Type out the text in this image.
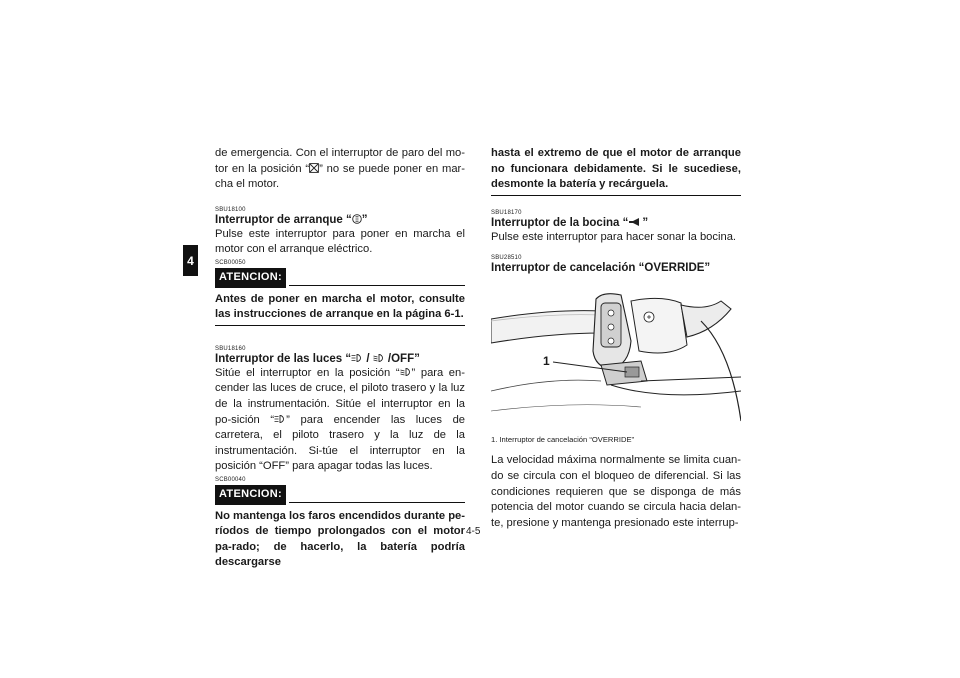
4

de emergencia. Con el interruptor de paro del mo-tor en la posición “ ” no se puede poner en mar-cha el motor.

SBU18100
Interruptor de arranque “ ”

Pulse este interruptor para poner en marcha el motor con el arranque eléctrico.

SCB00050
ATENCION:

Antes de poner en marcha el motor, consulte las instrucciones de arranque en la página 6-1.

SBU18160
Interruptor de las luces “ /  /OFF”

Sitúe el interruptor en la posición “ ” para en-cender las luces de cruce, el piloto trasero y la luz de la instrumentación. Sitúe el interruptor en la po-sición “ ” para encender las luces de carretera, el piloto trasero y la luz de la instrumentación. Si-túe el interruptor en la posición “OFF” para apagar todas las luces.

SCB00040
ATENCION:

No mantenga los faros encendidos durante pe-ríodos de tiempo prolongados con el motor pa-rado; de hacerlo, la batería podría descargarse

hasta el extremo de que el motor de arranque no funcionara debidamente. Si le sucediese, desmonte la batería y recárguela.

SBU18170
Interruptor de la bocina “ ”

Pulse este interruptor para hacer sonar la bocina.

SBU28510
Interruptor de cancelación “OVERRIDE”
1
1. Interruptor de cancelación “OVERRIDE”

La velocidad máxima normalmente se limita cuan-do se circula con el bloqueo de diferencial. Si las condiciones requieren que se disponga de más potencia del motor cuando se circula hacia delan-te, presione y mantenga presionado este interrup-

4-5
